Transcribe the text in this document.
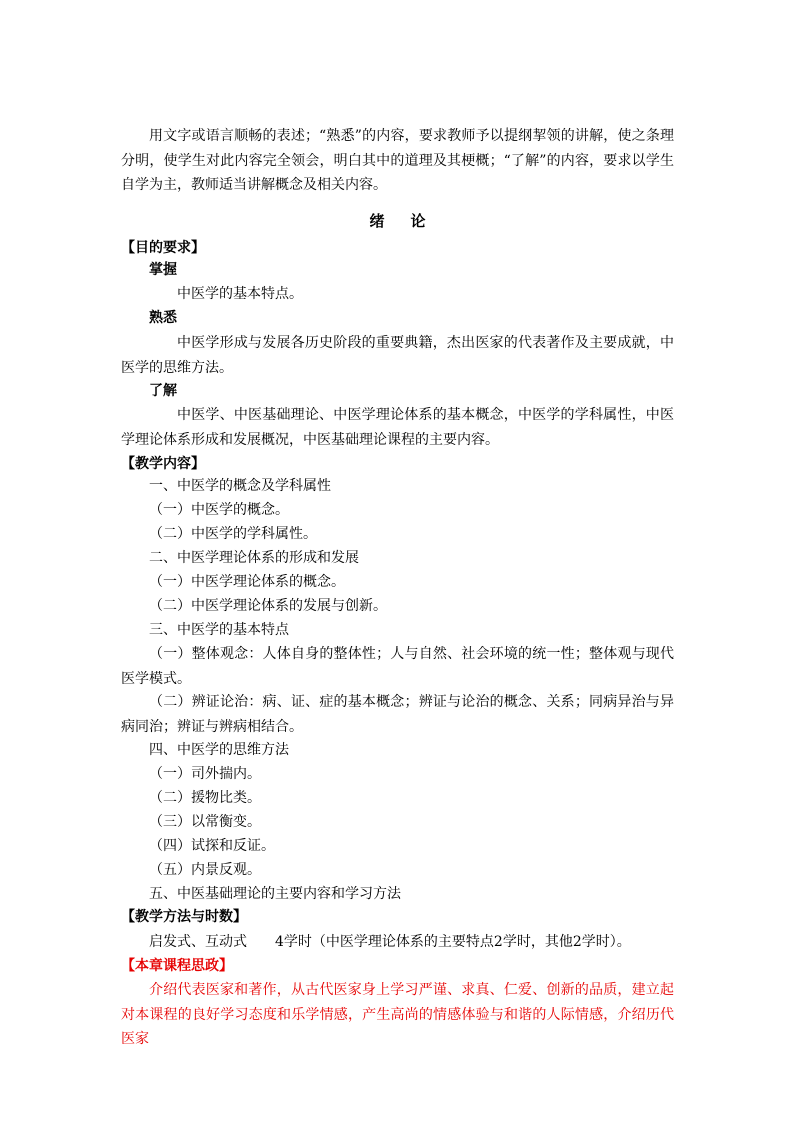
用文字或语言顺畅的表述；“熟悉”的内容，要求教师予以提纲挈领的讲解，使之条理分明，使学生对此内容完全领会，明白其中的道理及其梗概；“了解”的内容，要求以学生自学为主，教师适当讲解概念及相关内容。

绪论
【目的要求】
掌握

中医学的基本特点。

熟悉

中医学形成与发展各历史阶段的重要典籍，杰出医家的代表著作及主要成就，中医学的思维方法。

了解

中医学、中医基础理论、中医学理论体系的基本概念，中医学的学科属性，中医学理论体系形成和发展概况，中医基础理论课程的主要内容。

【教学内容】

一、中医学的概念及学科属性

（一）中医学的概念。

（二）中医学的学科属性。

二、中医学理论体系的形成和发展

（一）中医学理论体系的概念。

（二）中医学理论体系的发展与创新。

三、中医学的基本特点

（一）整体观念：人体自身的整体性；人与自然、社会环境的统一性；整体观与现代医学模式。

（二）辨证论治：病、证、症的基本概念；辨证与论治的概念、关系；同病异治与异病同治；辨证与辨病相结合。

四、中医学的思维方法

（一）司外揣内。

（二）援物比类。

（三）以常衡变。

（四）试探和反证。

（五）内景反观。

五、中医基础理论的主要内容和学习方法

【教学方法与时数】

启发式、互动式　　4学时（中医学理论体系的主要特点2学时，其他2学时）。

【本章课程思政】

介绍代表医家和著作，从古代医家身上学习严谨、求真、仁爱、创新的品质，建立起对本课程的良好学习态度和乐学情感，产生高尚的情感体验与和谐的人际情感，介绍历代医家
